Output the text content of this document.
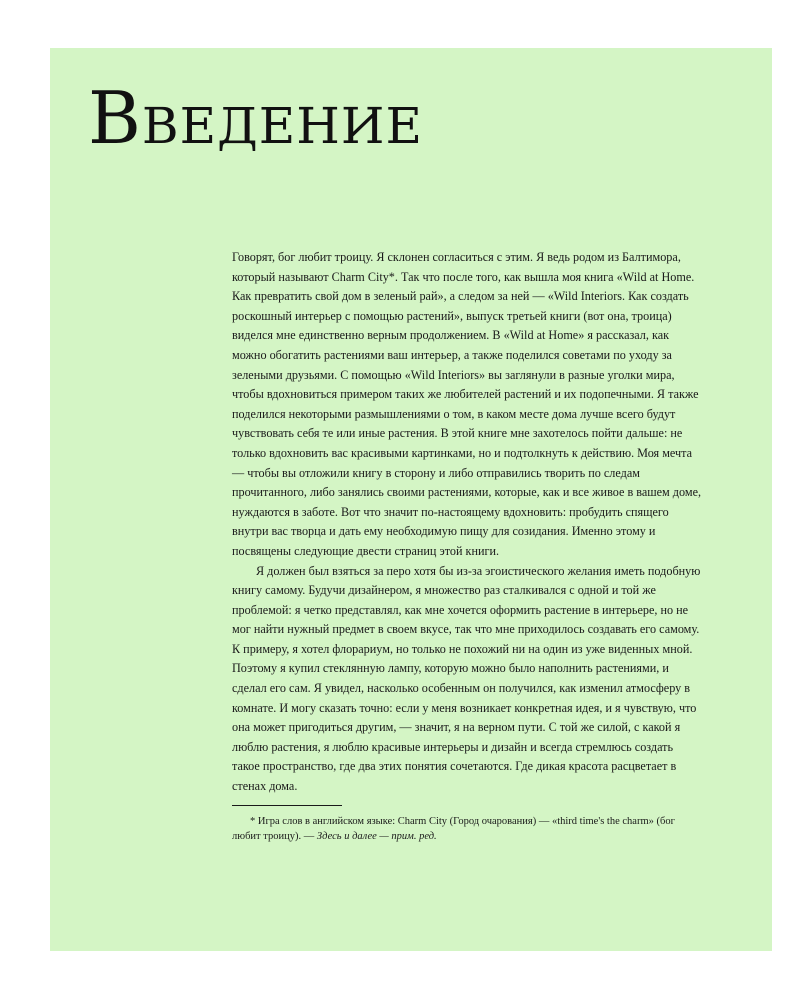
Введение

Говорят, бог любит троицу. Я склонен согласиться с этим. Я ведь родом из Балтимора, который называют Charm City*. Так что после того, как вышла моя книга «Wild at Home. Как превратить свой дом в зеленый рай», а следом за ней — «Wild Interiors. Как создать роскошный интерьер с помощью растений», выпуск третьей книги (вот она, троица) виделся мне единственно верным продолжением. В «Wild at Home» я рассказал, как можно обогатить растениями ваш интерьер, а также поделился советами по уходу за зелеными друзьями. С помощью «Wild Interiors» вы заглянули в разные уголки мира, чтобы вдохновиться примером таких же любителей растений и их подопечными. Я также поделился некоторыми размышлениями о том, в каком месте дома лучше всего будут чувствовать себя те или иные растения. В этой книге мне захотелось пойти дальше: не только вдохновить вас красивыми картинками, но и подтолкнуть к действию. Моя мечта — чтобы вы отложили книгу в сторону и либо отправились творить по следам прочитанного, либо занялись своими растениями, которые, как и все живое в вашем доме, нуждаются в заботе. Вот что значит по-настоящему вдохновить: пробудить спящего внутри вас творца и дать ему необходимую пищу для созидания. Именно этому и посвящены следующие двести страниц этой книги.

Я должен был взяться за перо хотя бы из-за эгоистического желания иметь подобную книгу самому. Будучи дизайнером, я множество раз сталкивался с одной и той же проблемой: я четко представлял, как мне хочется оформить растение в интерьере, но не мог найти нужный предмет в своем вкусе, так что мне приходилось создавать его самому. К примеру, я хотел флорариум, но только не похожий ни на один из уже виденных мной. Поэтому я купил стеклянную лампу, которую можно было наполнить растениями, и сделал его сам. Я увидел, насколько особенным он получился, как изменил атмосферу в комнате. И могу сказать точно: если у меня возникает конкретная идея, и я чувствую, что она может пригодиться другим, — значит, я на верном пути. С той же силой, с какой я люблю растения, я люблю красивые интерьеры и дизайн и всегда стремлюсь создать такое пространство, где два этих понятия сочетаются. Где дикая красота расцветает в стенах дома.

* Игра слов в английском языке: Charm City (Город очарования) — «third time's the charm» (бог любит троицу). — Здесь и далее — прим. ред.
